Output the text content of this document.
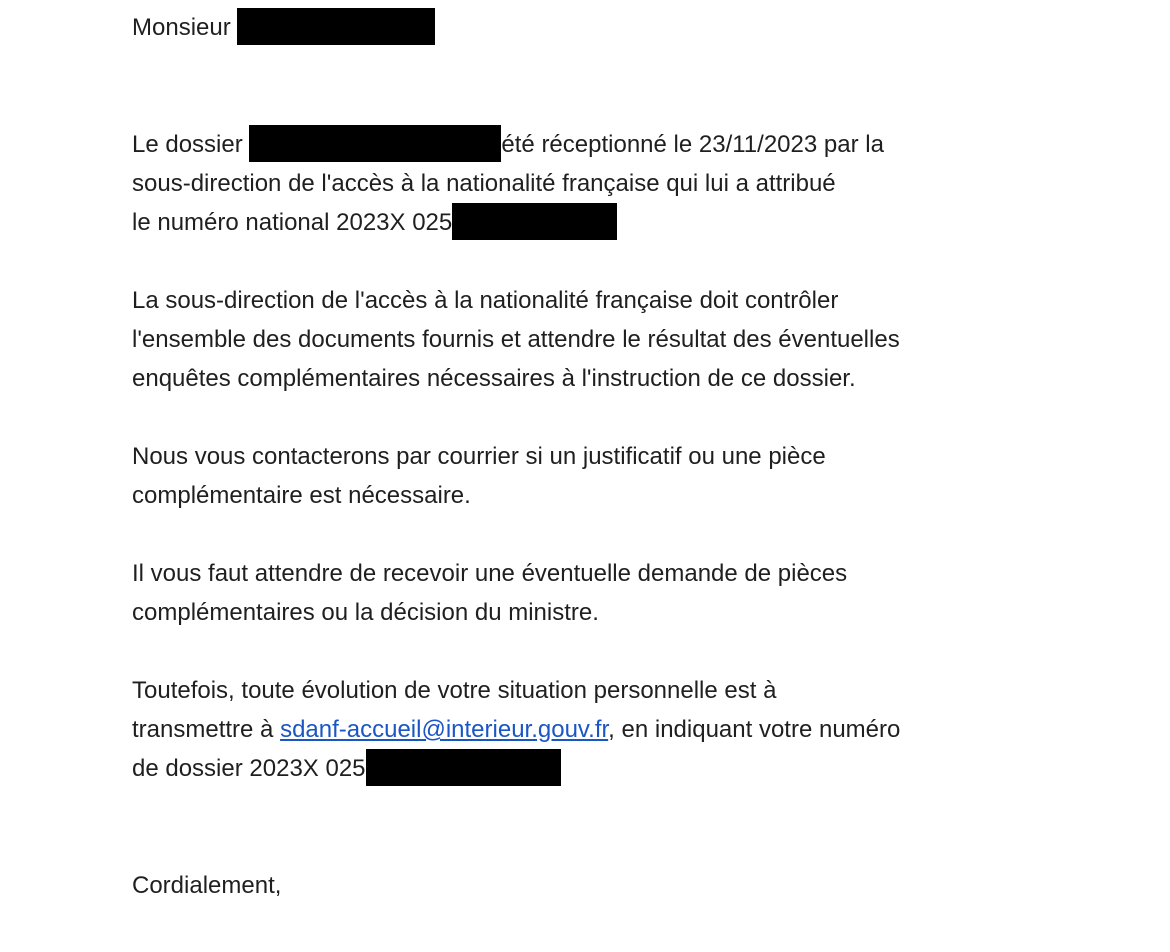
Monsieur
Le dossier	été réceptionné le 23/11/2023 par la
sous-direction de l'accès à la nationalité française qui lui a attribué
le numéro national 2023X 025
La sous-direction de l'accès à la nationalité française doit contrôler
l'ensemble des documents fournis et attendre le résultat des éventuelles
enquêtes complémentaires nécessaires à l'instruction de ce dossier.
Nous vous contacterons par courrier si un justificatif ou une pièce
complémentaire est nécessaire.
Il vous faut attendre de recevoir une éventuelle demande de pièces
complémentaires ou la décision du ministre.
Toutefois, toute évolution de votre situation personnelle est à
transmettre à sdanf-accueil@interieur.gouv.fr, en indiquant votre numéro
de dossier 2023X 025
Cordialement,
